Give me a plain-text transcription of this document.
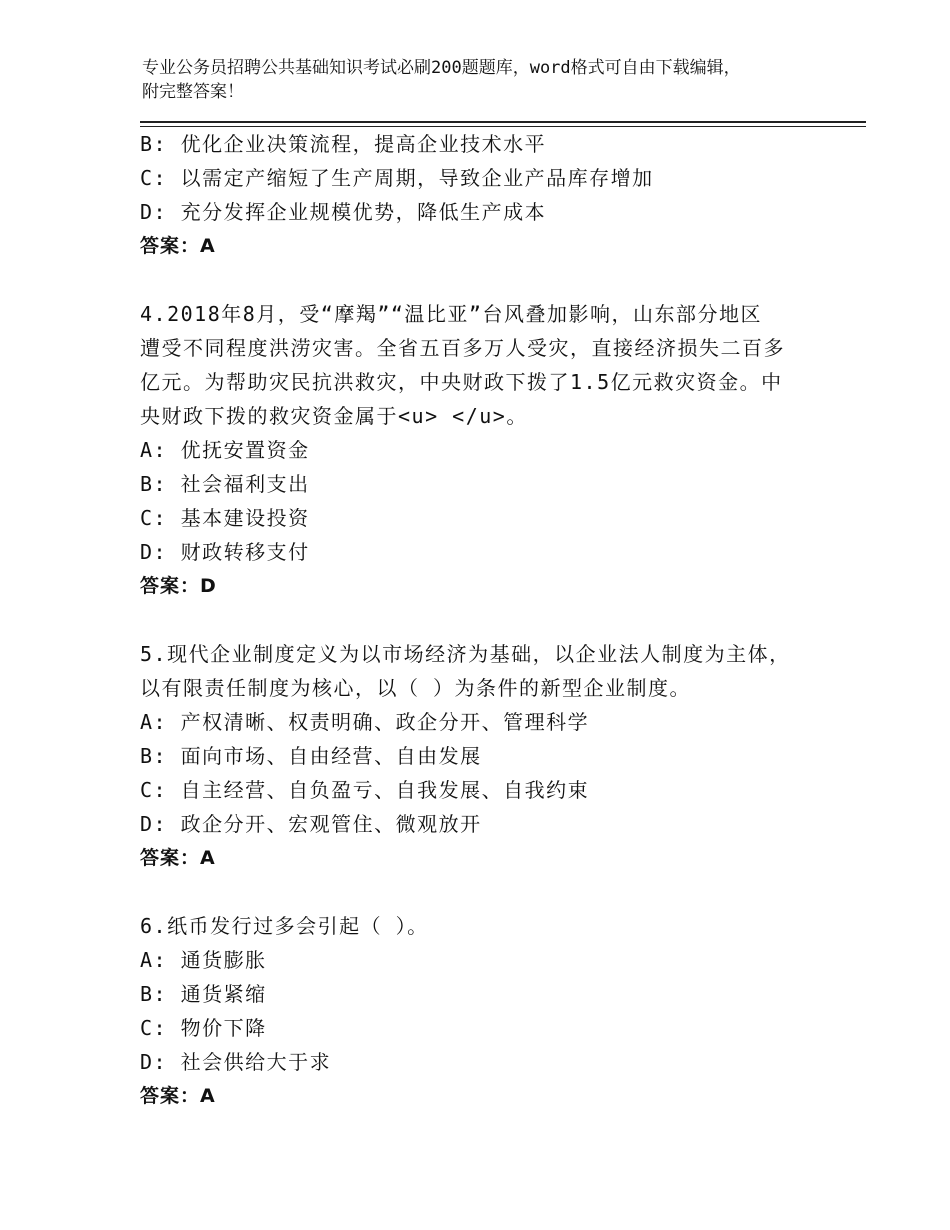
专业公务员招聘公共基础知识考试必刷200题题库，word格式可自由下载编辑，
附完整答案！
B: 优化企业决策流程，提高企业技术水平
C: 以需定产缩短了生产周期，导致企业产品库存增加
D: 充分发挥企业规模优势，降低生产成本
答案：A
4.2018年8月，受“摩羯”“温比亚”台风叠加影响，山东部分地区
遭受不同程度洪涝灾害。全省五百多万人受灾，直接经济损失二百多
亿元。为帮助灾民抗洪救灾，中央财政下拨了1.5亿元救灾资金。中
央财政下拨的救灾资金属于<u> </u>。
A: 优抚安置资金
B: 社会福利支出
C: 基本建设投资
D: 财政转移支付
答案：D
5.现代企业制度定义为以市场经济为基础，以企业法人制度为主体，
以有限责任制度为核心，以（ ）为条件的新型企业制度。
A: 产权清晰、权责明确、政企分开、管理科学
B: 面向市场、自由经营、自由发展
C: 自主经营、自负盈亏、自我发展、自我约束
D: 政企分开、宏观管住、微观放开
答案：A
6.纸币发行过多会引起（ ）。
A: 通货膨胀
B: 通货紧缩
C: 物价下降
D: 社会供给大于求
答案：A
